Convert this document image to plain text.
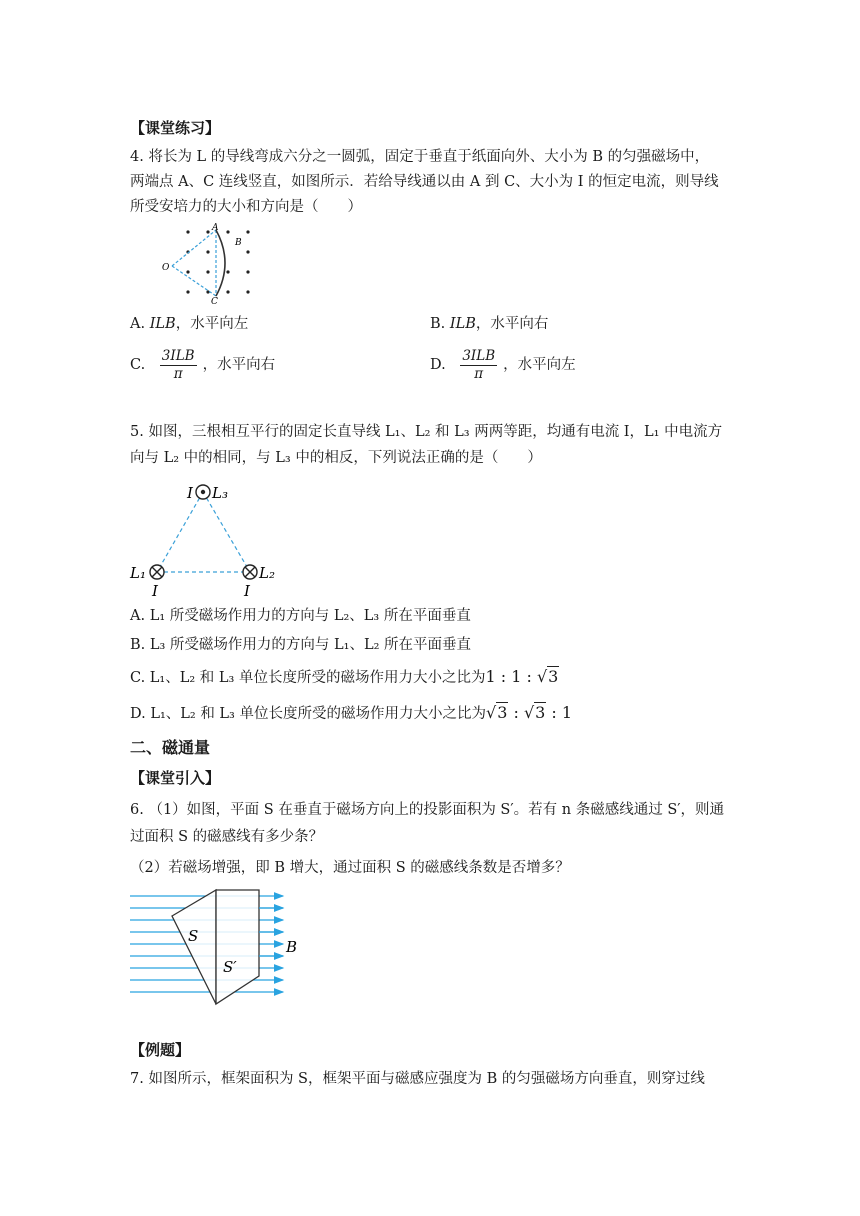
【课堂练习】
4. 将长为 L 的导线弯成六分之一圆弧，固定于垂直于纸面向外、大小为 B 的匀强磁场中，
两端点 A、C 连线竖直，如图所示．若给导线通以由 A 到 C、大小为 I 的恒定电流，则导线
所受安培力的大小和方向是（　　）
O
A
B
C
A. ILB，水平向左	B. ILB，水平向右
C. $\frac{\text{3ILB}}{\pi}$ ，水平向右	D. $\frac{\text{3ILB}}{\pi}$ ，水平向左
5. 如图，三根相互平行的固定长直导线 L₁、L₂ 和 L₃ 两两等距，均通有电流 I，L₁ 中电流方
向与 L₂ 中的相同，与 L₃ 中的相反，下列说法正确的是（　　）
I L₃
L₁	L₂
I	I
A. L₁ 所受磁场作用力的方向与 L₂、L₃ 所在平面垂直
B. L₃ 所受磁场作用力的方向与 L₁、L₂ 所在平面垂直
C. L₁、L₂ 和 L₃ 单位长度所受的磁场作用力大小之比为1 : 1 : √3
D. L₁、L₂ 和 L₃ 单位长度所受的磁场作用力大小之比为√3 : √3 : 1
二、磁通量
【课堂引入】
6. （1）如图，平面 S 在垂直于磁场方向上的投影面积为 S′。若有 n 条磁感线通过 S′，则通
过面积 S 的磁感线有多少条？
（2）若磁场增强，即 B 增大，通过面积 S 的磁感线条数是否增多？
S
S′
B
【例题】
7. 如图所示，框架面积为 S，框架平面与磁感应强度为 B 的匀强磁场方向垂直，则穿过线
